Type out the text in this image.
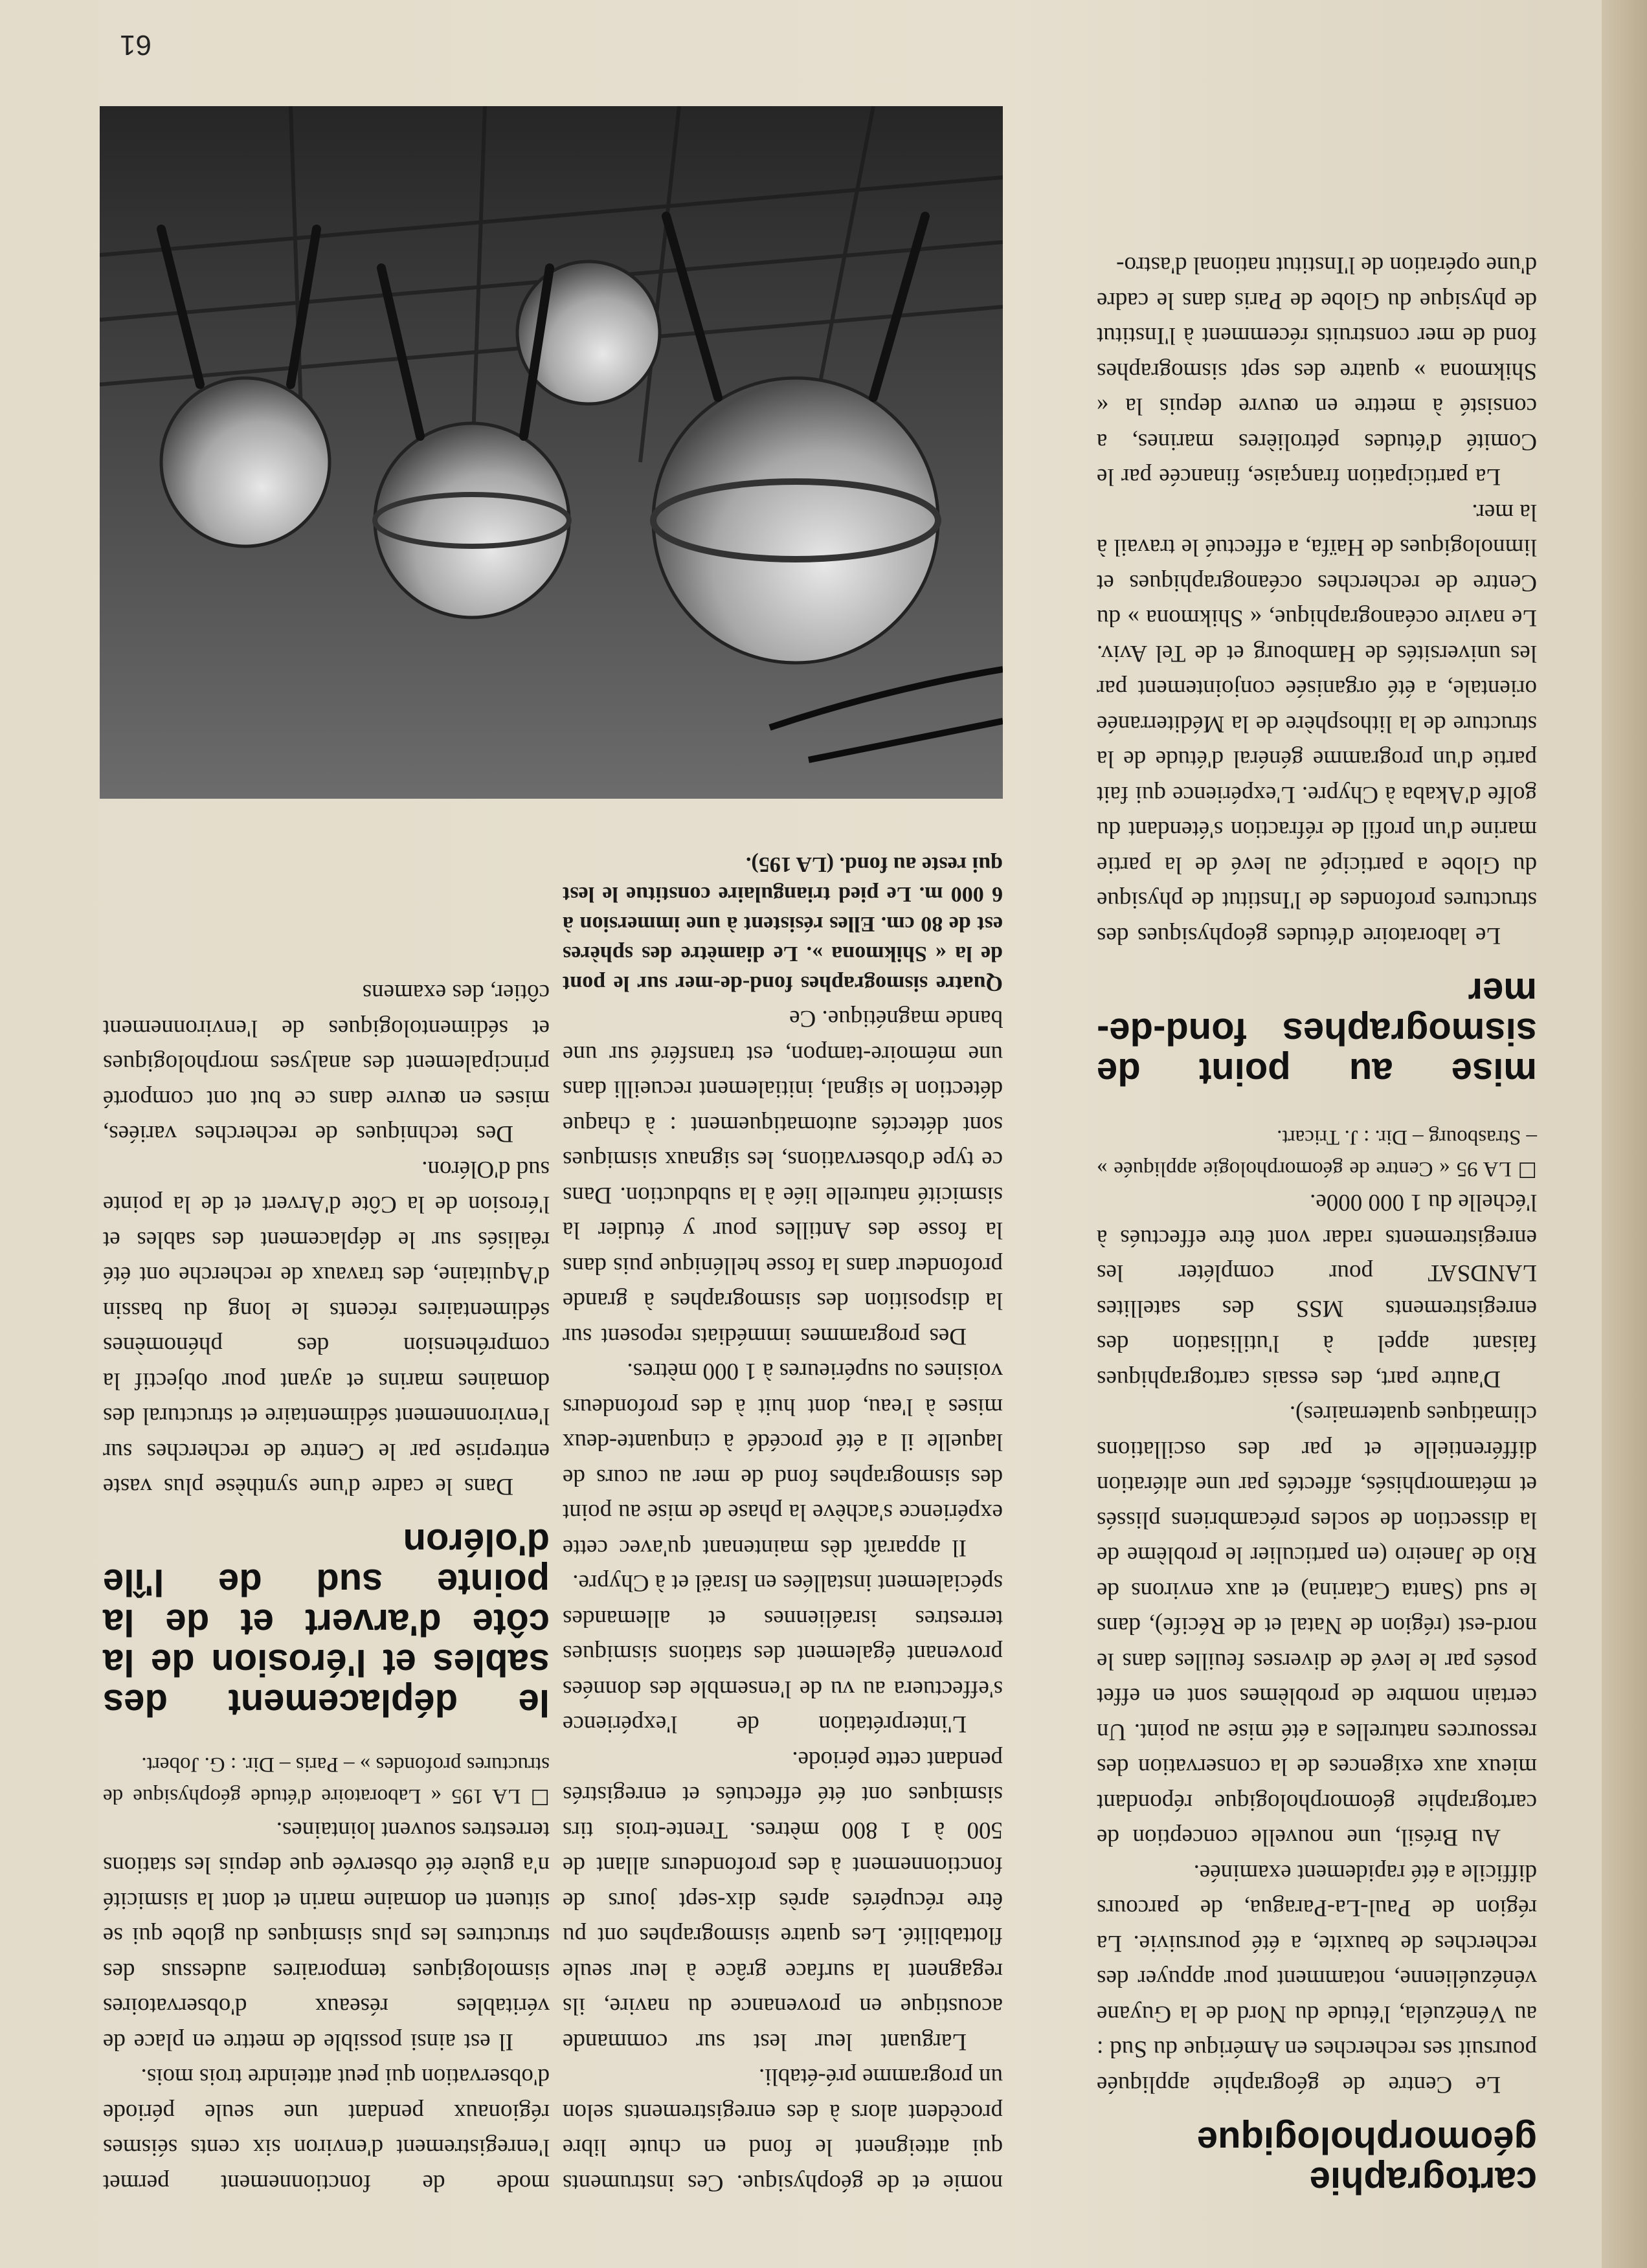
61
cartographie géomorphologique

Le Centre de géographie appliquée poursuit ses recherches en Amérique du Sud : au Vénézuéla, l'étude du Nord de la Guyane vénézuélienne, notamment pour appuyer des recherches de bauxite, a été poursuivie. La région de Paul-La-Paragua, de parcours difficile a été rapidement examinée.

Au Brésil, une nouvelle conception de cartographie géomorphologique répondant mieux aux exigences de la conservation des ressources naturelles a été mise au point. Un certain nombre de problèmes sont en effet posés par le levé de diverses feuilles dans le nord-est (région de Natal et de Récife), dans le sud (Santa Catarina) et aux environs de Rio de Janeiro (en particulier le problème de la dissection de socles précambriens plissés et métamorphisés, affectés par une altération différentielle et par des oscillations climatiques quaternaires).

D'autre part, des essais cartographiques faisant appel à l'utilisation des enregistrements MSS des satellites LANDSAT pour compléter les enregistrements radar vont être effectués à l'échelle du 1 000 000e.

☐ LA 95 « Centre de géomorphologie appliquée » – Strasbourg – Dir. : J. Tricart.

mise au point de sismographes fond-de-mer

Le laboratoire d'études géophysiques des structures profondes de l'Institut de physique du Globe a participé au levé de la partie marine d'un profil de réfraction s'étendant du golfe d'Akaba à Chypre. L'expérience qui fait partie d'un programme général d'étude de la structure de la lithosphère de la Méditerranée orientale, a été organisée conjointement par les universités de Hambourg et de Tel Aviv. Le navire océanographique, « Shikmona » du Centre de recherches océanographiques et limnologiques de Haïfa, a effectué le travail à la mer.

La participation française, financée par le Comité d'études pétrolières marines, a consisté à mettre en œuvre depuis la « Shikmona » quatre des sept sismographes fond de mer construits récemment à l'Institut de physique du Globe de Paris dans le cadre d'une opération de l'Institut national d'astro-

nomie et de géophysique. Ces instruments qui atteignent le fond en chute libre procèdent alors à des enregistrements selon un programme pré-établi.

Larguant leur lest sur commande acoustique en provenance du navire, ils regagnent la surface grâce à leur seule flottabilité. Les quatre sismographes ont pu être récupérés après dix-sept jours de fonctionnement à des profondeurs allant de 500 à 1 800 mètres. Trente-trois tirs sismiques ont été effectués et enregistrés pendant cette période.

L'interprétation de l'expérience s'effectuera au vu de l'ensemble des données provenant également des stations sismiques terrestres israéliennes et allemandes spécialement installées en Israël et à Chypre.

Il apparaît dès maintenant qu'avec cette expérience s'achève la phase de mise au point des sismographes fond de mer au cours de laquelle il a été procédé à cinquante-deux mises à l'eau, dont huit à des profondeurs voisines ou supérieures à 1 000 mètres.

Des programmes immédiats reposent sur la disposition des sismographes à grande profondeur dans la fosse hellénique puis dans la fosse des Antilles pour y étudier la sismicité naturelle liée à la subduction. Dans ce type d'observations, les signaux sismiques sont détectés automatiquement : à chaque détection le signal, initialement recueilli dans une mémoire-tampon, est transféré sur une bande magnétique. Ce

Quatre sismographes fond-de-mer sur le pont de la « Shikmona ». Le diamètre des sphères est de 80 cm. Elles résistent à une immersion à 6 000 m. Le pied triangulaire constitue le lest qui reste au fond. (LA 195).

mode de fonctionnement permet l'enregistrement d'environ six cents séismes régionaux pendant une seule période d'observation qui peut atteindre trois mois.

Il est ainsi possible de mettre en place de véritables réseaux d'observatoires sismologiques temporaires audessus des structures les plus sismiques du globe qui se situent en domaine marin et dont la sismicité n'a guère été observée que depuis les stations terrestres souvent lointaines.

☐ LA 195 « Laboratoire d'étude géophysique de structures profondes » – Paris – Dir. : G. Jobert.

le déplacement des sables et l'érosion de la côte d'arvert et de la pointe sud de l'île d'oléron

Dans le cadre d'une synthèse plus vaste entreprise par le Centre de recherches sur l'environnement sédimentaire et structural des domaines marins et ayant pour objectif la compréhension des phénomènes sédimentaires récents le long du bassin d'Aquitaine, des travaux de recherche ont été réalisés sur le déplacement des sables et l'érosion de la Côte d'Arvert et de la pointe sud d'Oléron.

Des techniques de recherches variées, mises en œuvre dans ce but ont comporté principalement des analyses morphologiques et sédimentologiques de l'environnement côtier, des examens
